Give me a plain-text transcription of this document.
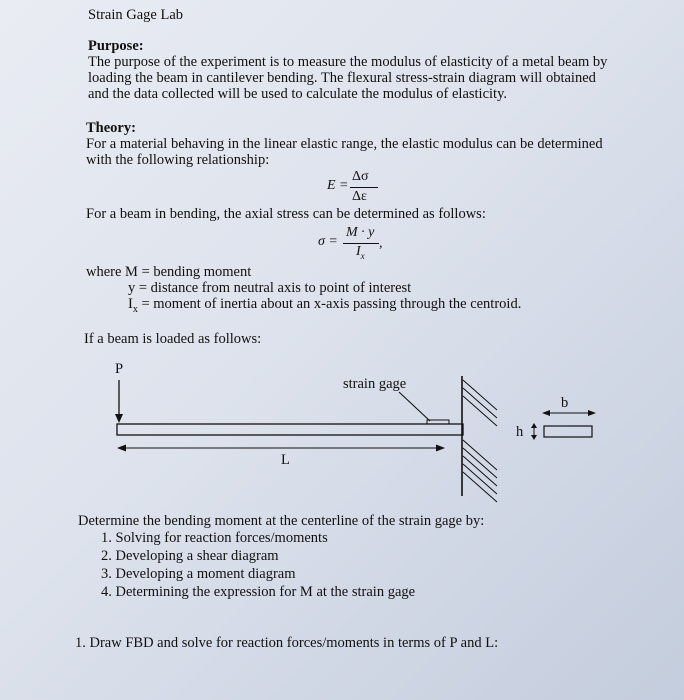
Strain Gage Lab
Purpose:
The purpose of the experiment is to measure the modulus of elasticity of a metal beam by
loading the beam in cantilever bending. The flexural stress-strain diagram will obtained
and the data collected will be used to calculate the modulus of elasticity.
Theory:
For a material behaving in the linear elastic range, the elastic modulus can be determined
with the following relationship:
E =
Δσ
Δε
For a beam in bending, the axial stress can be determined as follows:
σ =
M · y
$I_x$
,
where M = bending moment
y = distance from neutral axis to point of interest
$I_x$ = moment of inertia about an x-axis passing through the centroid.
If a beam is loaded as follows:
P
strain gage
L
h
b
Determine the bending moment at the centerline of the strain gage by:
1. Solving for reaction forces/moments
2. Developing a shear diagram
3. Developing a moment diagram
4. Determining the expression for M at the strain gage
1. Draw FBD and solve for reaction forces/moments in terms of P and L:
